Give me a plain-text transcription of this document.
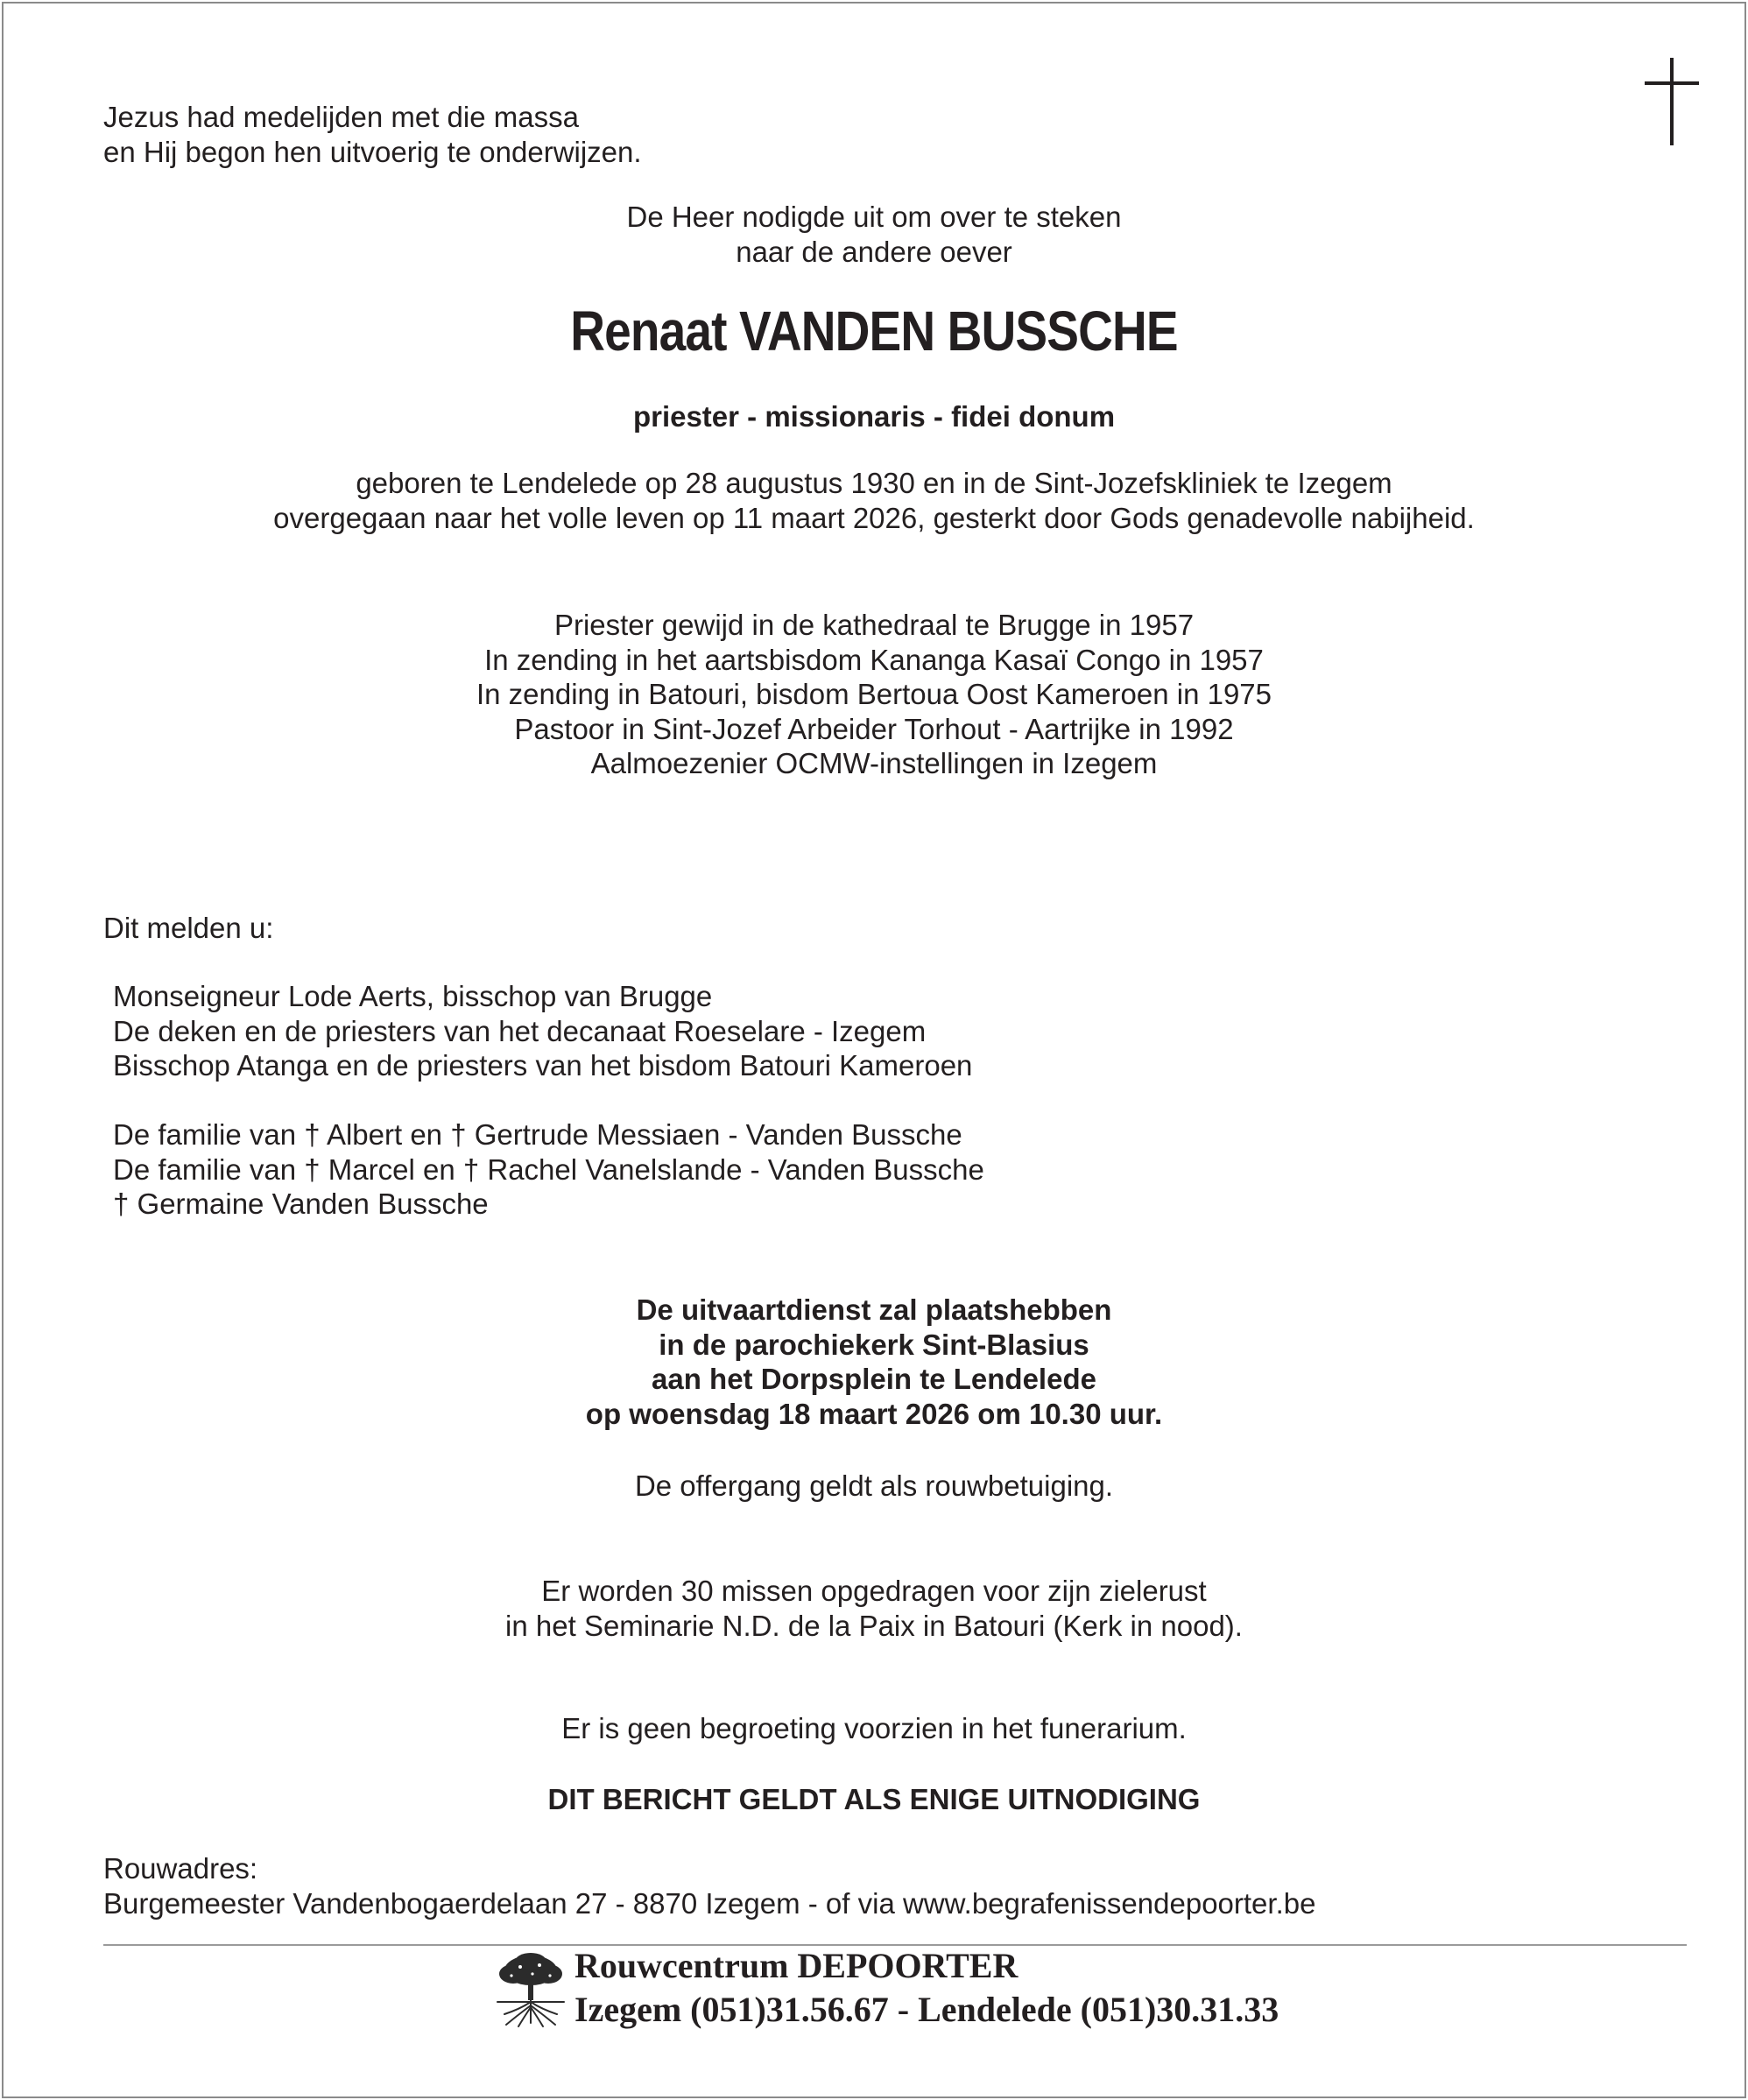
Jezus had medelijden met die massa
en Hij begon hen uitvoerig te onderwijzen.
De Heer nodigde uit om over te steken
naar de andere oever
Renaat VANDEN BUSSCHE
priester - missionaris - fidei donum
geboren te Lendelede op 28 augustus 1930 en in de Sint-Jozefskliniek te Izegem
overgegaan naar het volle leven op 11 maart 2026, gesterkt door Gods genadevolle nabijheid.
Priester gewijd in de kathedraal te Brugge in 1957
In zending in het aartsbisdom Kananga Kasaï Congo in 1957
In zending in Batouri, bisdom Bertoua Oost Kameroen in 1975
Pastoor in Sint-Jozef Arbeider Torhout - Aartrijke in 1992
Aalmoezenier OCMW-instellingen in Izegem
Dit melden u:
Monseigneur Lode Aerts, bisschop van Brugge
De deken en de priesters van het decanaat Roeselare - Izegem
Bisschop Atanga en de priesters van het bisdom Batouri Kameroen
De familie van † Albert en † Gertrude Messiaen - Vanden Bussche
De familie van † Marcel en † Rachel Vanelslande - Vanden Bussche
† Germaine Vanden Bussche
De uitvaartdienst zal plaatshebben
in de parochiekerk Sint-Blasius
aan het Dorpsplein te Lendelede
op woensdag 18 maart 2026 om 10.30 uur.
De offergang geldt als rouwbetuiging.
Er worden 30 missen opgedragen voor zijn zielerust
in het Seminarie N.D. de la Paix in Batouri (Kerk in nood).
Er is geen begroeting voorzien in het funerarium.
DIT BERICHT GELDT ALS ENIGE UITNODIGING
Rouwadres:
Burgemeester Vandenbogaerdelaan 27 - 8870 Izegem - of via www.begrafenissendepoorter.be
Rouwcentrum DEPOORTER
Izegem (051)31.56.67 - Lendelede (051)30.31.33
